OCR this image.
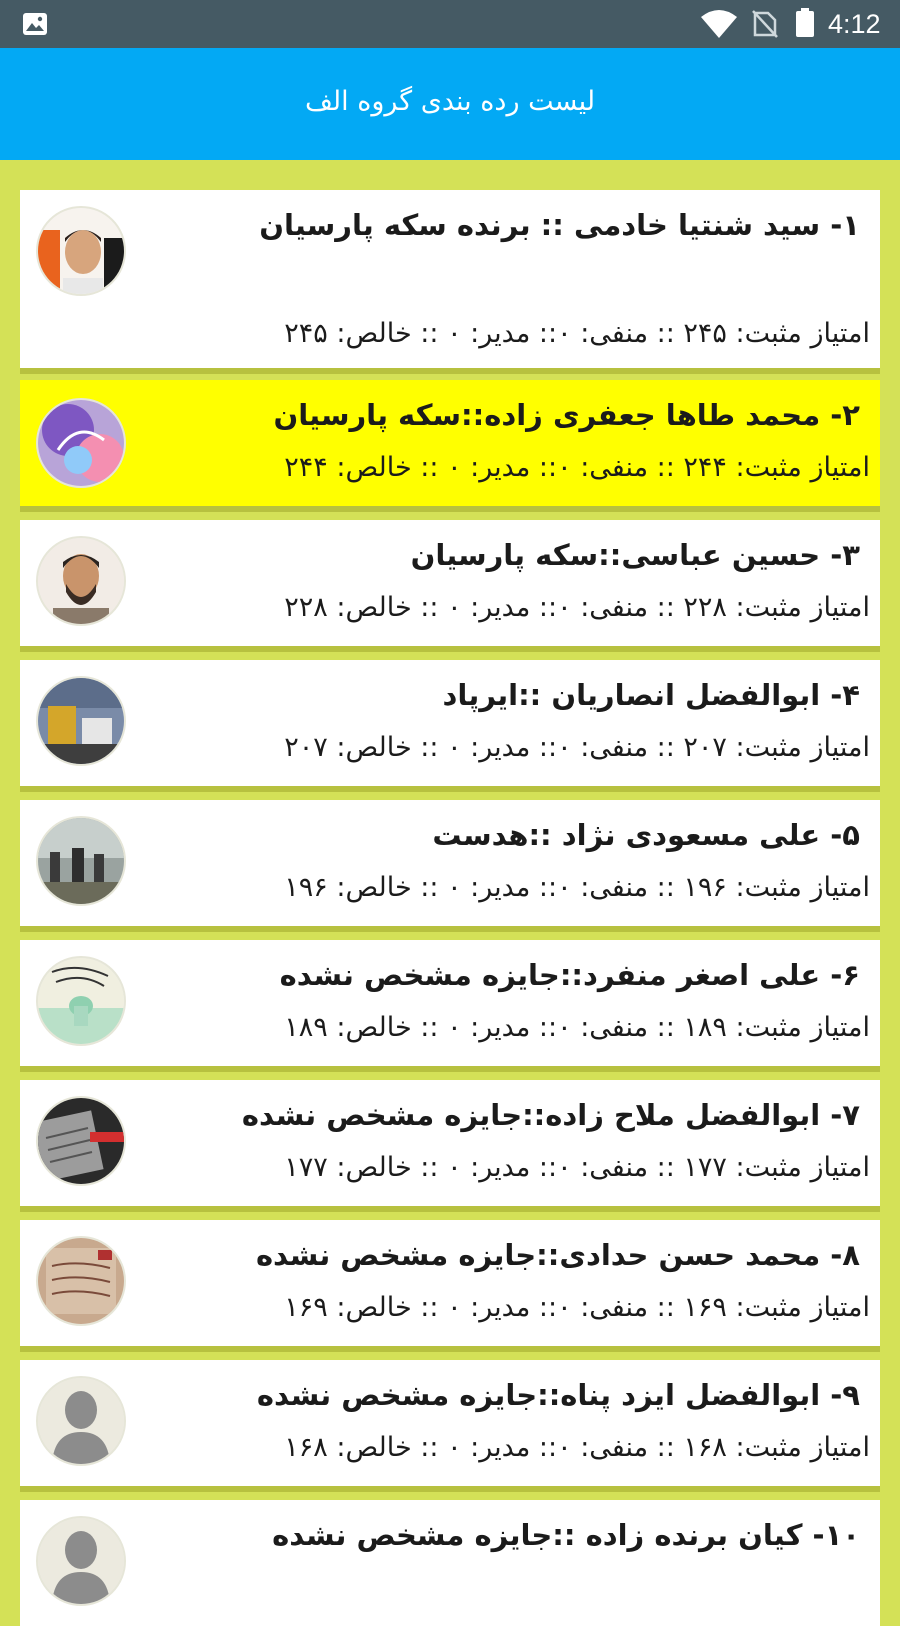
4:12
لیست رده بندی گروه الف
۱- سید شنتیا خادمی :: برنده سکه پارسیان
امتیاز مثبت: ۲۴۵ :: منفی: ۰:: مدیر: ۰ :: خالص: ۲۴۵
۲- محمد طاها جعفری زاده::سکه پارسیان
امتیاز مثبت: ۲۴۴ :: منفی: ۰:: مدیر: ۰ :: خالص: ۲۴۴
۳- حسین عباسی::سکه پارسیان
امتیاز مثبت: ۲۲۸ :: منفی: ۰:: مدیر: ۰ :: خالص: ۲۲۸
۴- ابوالفضل انصاریان ::ایرپاد
امتیاز مثبت: ۲۰۷ :: منفی: ۰:: مدیر: ۰ :: خالص: ۲۰۷
۵- علی مسعودی نژاد ::هدست
امتیاز مثبت: ۱۹۶ :: منفی: ۰:: مدیر: ۰ :: خالص: ۱۹۶
۶- علی اصغر منفرد::جایزه مشخص نشده
امتیاز مثبت: ۱۸۹ :: منفی: ۰:: مدیر: ۰ :: خالص: ۱۸۹
۷- ابوالفضل ملاح زاده::جایزه مشخص نشده
امتیاز مثبت: ۱۷۷ :: منفی: ۰:: مدیر: ۰ :: خالص: ۱۷۷
۸- محمد حسن حدادی::جایزه مشخص نشده
امتیاز مثبت: ۱۶۹ :: منفی: ۰:: مدیر: ۰ :: خالص: ۱۶۹
۹- ابوالفضل ایزد پناه::جایزه مشخص نشده
امتیاز مثبت: ۱۶۸ :: منفی: ۰:: مدیر: ۰ :: خالص: ۱۶۸
۱۰- کیان برنده زاده ::جایزه مشخص نشده
